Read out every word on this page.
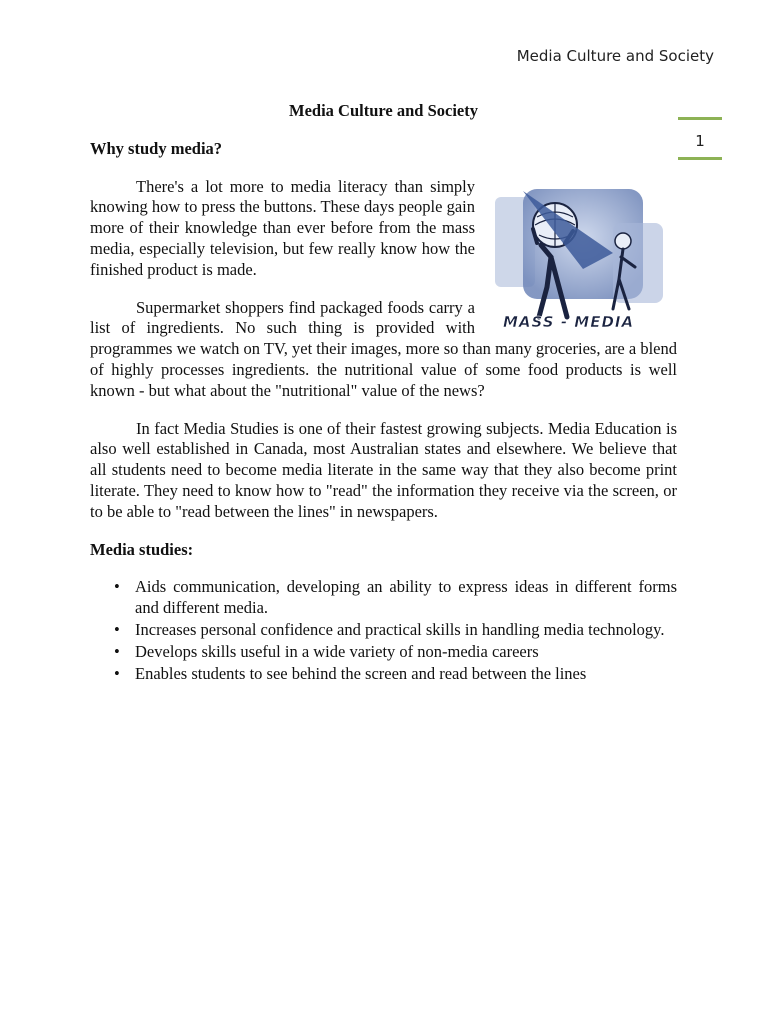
Media Culture and Society
1
Media Culture and Society
Why study media?
MASS - MEDIA

There's a lot more to media literacy than simply knowing how to press the buttons. These days people gain more of their knowledge than ever before from the mass media, especially television, but few really know how the finished product is made.

Supermarket shoppers find packaged foods carry a list of ingredients. No such thing is provided with programmes we watch on TV, yet their images, more so than many groceries, are a blend of highly processes ingredients. the nutritional value of some food products is well known - but what about the "nutritional" value of the news?

In fact Media Studies is one of their fastest growing subjects. Media Education is also well established in Canada, most Australian states and elsewhere. We believe that all students need to become media literate in the same way that they also become print literate. They need to know how to "read" the information they receive via the screen, or to be able to "read between the lines" in newspapers.

Media studies:
• Aids communication, developing an ability to express ideas in different forms and different media.
• Increases personal confidence and practical skills in handling media technology.
• Develops skills useful in a wide variety of non-media careers
• Enables students to see behind the screen and read between the lines
